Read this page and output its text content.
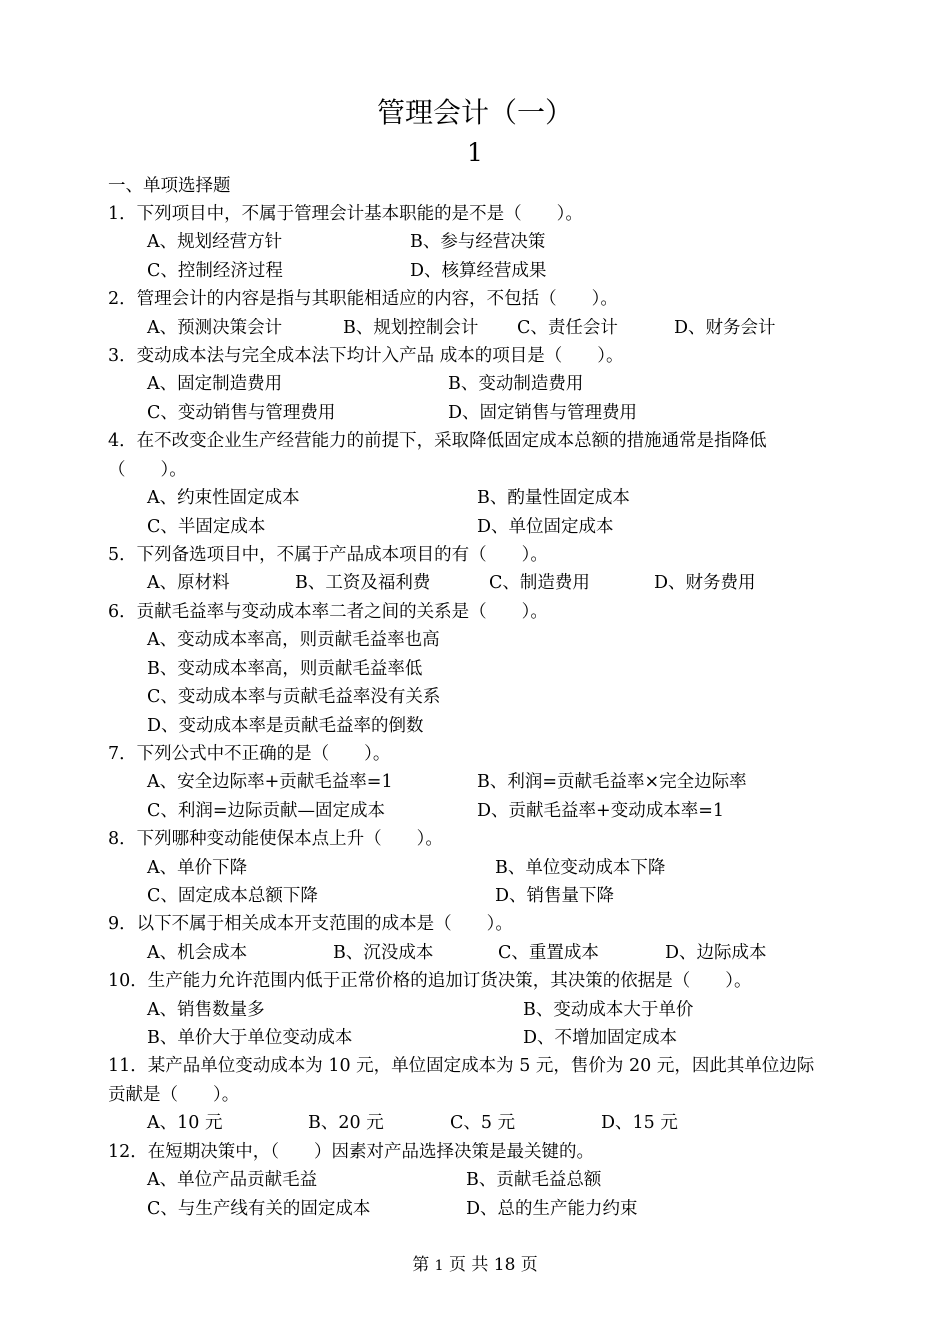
管理会计（一）
1
一、单项选择题
1．下列项目中，不属于管理会计基本职能的是不是（　　）。
A、规划经营方针	B、参与经营决策
C、控制经济过程	D、核算经营成果
2．管理会计的内容是指与其职能相适应的内容，不包括（　　）。
A、预测决策会计	B、规划控制会计 C、责任会计	D、财务会计
3．变动成本法与完全成本法下均计入产品 成本的项目是（　　）。
A、固定制造费用	B、变动制造费用
C、变动销售与管理费用	D、固定销售与管理费用
4．在不改变企业生产经营能力的前提下，采取降低固定成本总额的措施通常是指降低
（　　）。
A、约束性固定成本	B、酌量性固定成本
C、半固定成本	D、单位固定成本
5．下列备选项目中，不属于产品成本项目的有（　　）。
A、原材料	B、工资及福利费	C、制造费用	D、财务费用
6．贡献毛益率与变动成本率二者之间的关系是（　　）。
A、变动成本率高，则贡献毛益率也高
B、变动成本率高，则贡献毛益率低
C、变动成本率与贡献毛益率没有关系
D、变动成本率是贡献毛益率的倒数
7．下列公式中不正确的是（　　）。
A、安全边际率+贡献毛益率=1	B、利润=贡献毛益率×完全边际率
C、利润=边际贡献—固定成本	D、贡献毛益率+变动成本率=1
8．下列哪种变动能使保本点上升（　　）。
A、单价下降	B、单位变动成本下降
C、固定成本总额下降	D、销售量下降
9．以下不属于相关成本开支范围的成本是（　　）。
A、机会成本	B、沉没成本	C、重置成本	D、边际成本
10．生产能力允许范围内低于正常价格的追加订货决策，其决策的依据是（　　）。
A、销售数量多	B、变动成本大于单价
B、单价大于单位变动成本	D、不增加固定成本
11．某产品单位变动成本为 10 元，单位固定成本为 5 元，售价为 20 元，因此其单位边际
贡献是（　　）。
A、10 元	B、20 元	C、5 元	D、15 元
12．在短期决策中，（　　）因素对产品选择决策是最关键的。
A、单位产品贡献毛益	B、贡献毛益总额
C、与生产线有关的固定成本	D、总的生产能力约束
第 1 页 共 18 页
